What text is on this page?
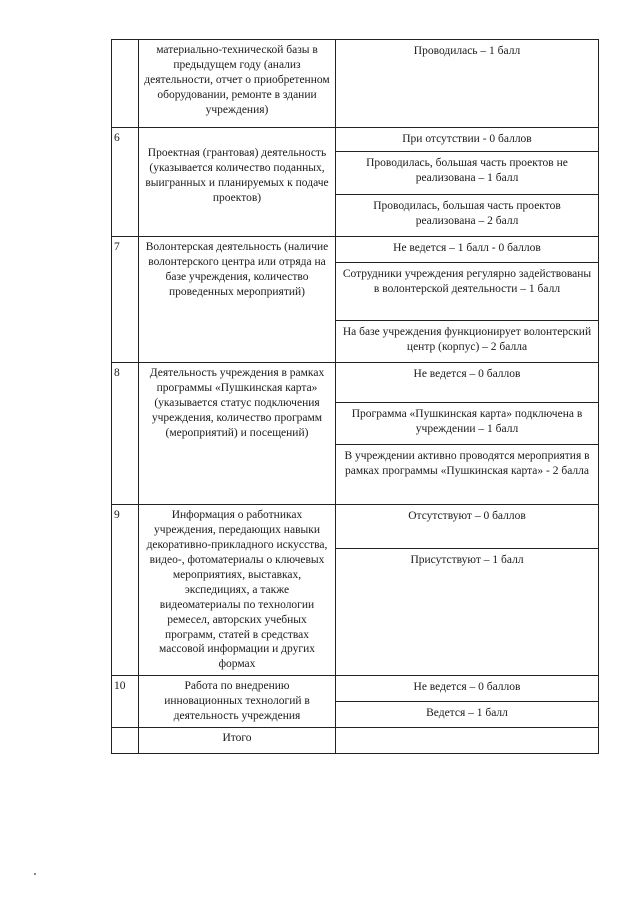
	материально-технической базы в предыдущем году (анализ деятельности, отчет о приобретенном оборудовании, ремонте в здании учреждения)	Проводилась – 1 балл
6	Проектная (грантовая) деятельность (указывается количество поданных, выигранных и планируемых к подаче проектов)	При отсутствии - 0 баллов
		Проводилась, большая часть проектов не реализована – 1 балл
		Проводилась, большая часть проектов реализована – 2 балл
7	Волонтерская деятельность (наличие волонтерского центра или отряда на базе учреждения, количество проведенных мероприятий)	Не ведется – 1 балл - 0 баллов
		Сотрудники учреждения регулярно задействованы в волонтерской деятельности – 1 балл
		На базе учреждения функционирует волонтерский центр (корпус) – 2 балла
8	Деятельность учреждения в рамках программы «Пушкинская карта» (указывается статус подключения учреждения, количество программ (мероприятий) и посещений)	Не ведется – 0 баллов
		Программа «Пушкинская карта» подключена в учреждении – 1 балл
		В учреждении активно проводятся мероприятия в рамках программы «Пушкинская карта» - 2 балла
9	Информация о работниках учреждения, передающих навыки декоративно-прикладного искусства, видео-, фотоматериалы о ключевых мероприятиях, выставках, экспедициях, а также видеоматериалы по технологии ремесел, авторских учебных программ, статей в средствах массовой информации и других формах	Отсутствуют – 0 баллов
		Присутствуют – 1 балл
10	Работа по внедрению инновационных технологий в деятельность учреждения	Не ведется – 0 баллов
		Ведется – 1 балл
	Итого	
